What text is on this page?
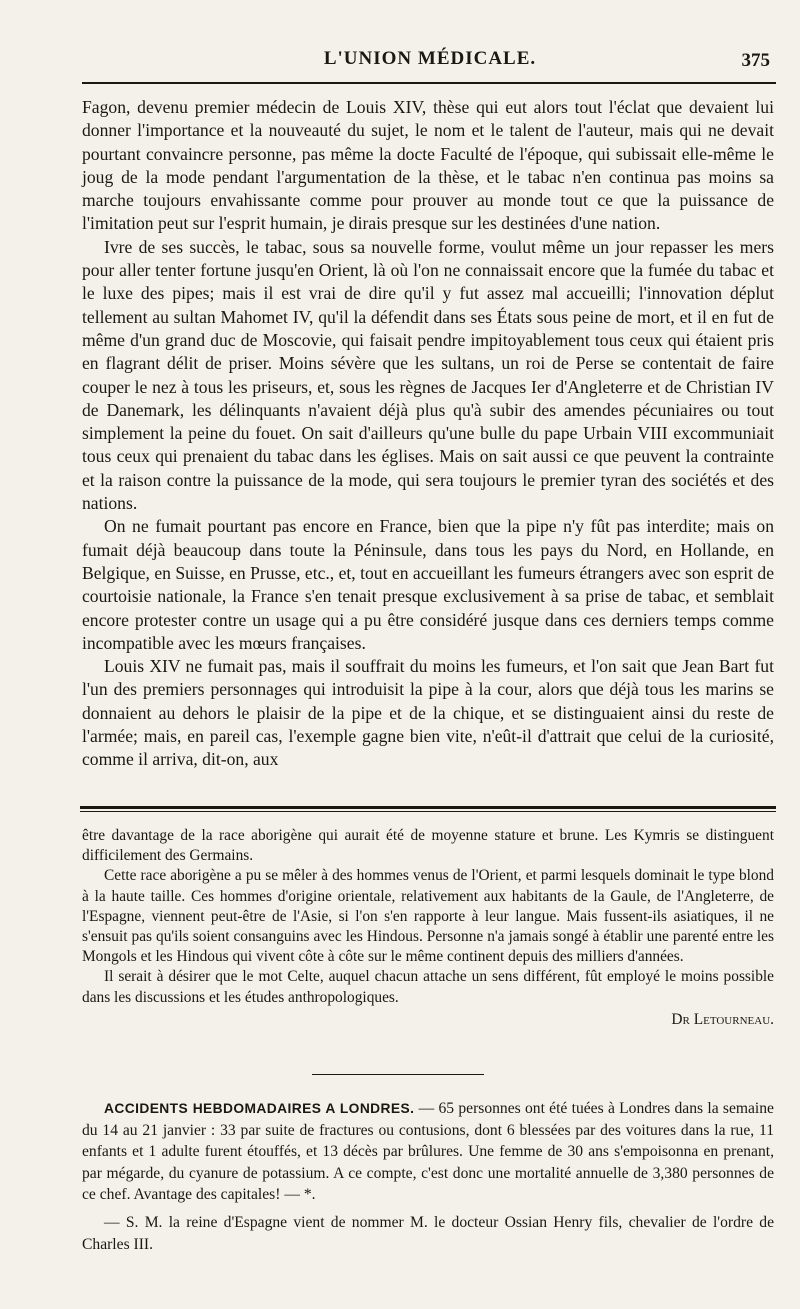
L'UNION MÉDICALE.	375

Fagon, devenu premier médecin de Louis XIV, thèse qui eut alors tout l'éclat que devaient lui donner l'importance et la nouveauté du sujet, le nom et le talent de l'auteur, mais qui ne devait pourtant convaincre personne, pas même la docte Faculté de l'époque, qui subissait elle-même le joug de la mode pendant l'argumentation de la thèse, et le tabac n'en continua pas moins sa marche toujours envahissante comme pour prouver au monde tout ce que la puissance de l'imitation peut sur l'esprit humain, je dirais presque sur les destinées d'une nation.

Ivre de ses succès, le tabac, sous sa nouvelle forme, voulut même un jour repasser les mers pour aller tenter fortune jusqu'en Orient, là où l'on ne connaissait encore que la fumée du tabac et le luxe des pipes; mais il est vrai de dire qu'il y fut assez mal accueilli; l'innovation déplut tellement au sultan Mahomet IV, qu'il la défendit dans ses États sous peine de mort, et il en fut de même d'un grand duc de Moscovie, qui faisait pendre impitoyablement tous ceux qui étaient pris en flagrant délit de priser. Moins sévère que les sultans, un roi de Perse se contentait de faire couper le nez à tous les priseurs, et, sous les règnes de Jacques Ier d'Angleterre et de Christian IV de Danemark, les délinquants n'avaient déjà plus qu'à subir des amendes pécuniaires ou tout simplement la peine du fouet. On sait d'ailleurs qu'une bulle du pape Urbain VIII excommuniait tous ceux qui prenaient du tabac dans les églises. Mais on sait aussi ce que peuvent la contrainte et la raison contre la puissance de la mode, qui sera toujours le premier tyran des sociétés et des nations.

On ne fumait pourtant pas encore en France, bien que la pipe n'y fût pas interdite; mais on fumait déjà beaucoup dans toute la Péninsule, dans tous les pays du Nord, en Hollande, en Belgique, en Suisse, en Prusse, etc., et, tout en accueillant les fumeurs étrangers avec son esprit de courtoisie nationale, la France s'en tenait presque exclusivement à sa prise de tabac, et semblait encore protester contre un usage qui a pu être considéré jusque dans ces derniers temps comme incompatible avec les mœurs françaises.

Louis XIV ne fumait pas, mais il souffrait du moins les fumeurs, et l'on sait que Jean Bart fut l'un des premiers personnages qui introduisit la pipe à la cour, alors que déjà tous les marins se donnaient au dehors le plaisir de la pipe et de la chique, et se distinguaient ainsi du reste de l'armée; mais, en pareil cas, l'exemple gagne bien vite, n'eût-il d'attrait que celui de la curiosité, comme il arriva, dit-on, aux

être davantage de la race aborigène qui aurait été de moyenne stature et brune. Les Kymris se distinguent difficilement des Germains.

Cette race aborigène a pu se mêler à des hommes venus de l'Orient, et parmi lesquels dominait le type blond à la haute taille. Ces hommes d'origine orientale, relativement aux habitants de la Gaule, de l'Angleterre, de l'Espagne, viennent peut-être de l'Asie, si l'on s'en rapporte à leur langue. Mais fussent-ils asiatiques, il ne s'ensuit pas qu'ils soient consanguins avec les Hindous. Personne n'a jamais songé à établir une parenté entre les Mongols et les Hindous qui vivent côte à côte sur le même continent depuis des milliers d'années.

Il serait à désirer que le mot Celte, auquel chacun attache un sens différent, fût employé le moins possible dans les discussions et les études anthropologiques.

Dr Letourneau.

ACCIDENTS HEBDOMADAIRES A LONDRES. — 65 personnes ont été tuées à Londres dans la semaine du 14 au 21 janvier : 33 par suite de fractures ou contusions, dont 6 blessées par des voitures dans la rue, 11 enfants et 1 adulte furent étouffés, et 13 décès par brûlures. Une femme de 30 ans s'empoisonna en prenant, par mégarde, du cyanure de potassium. A ce compte, c'est donc une mortalité annuelle de 3,380 personnes de ce chef. Avantage des capitales! — *.

— S. M. la reine d'Espagne vient de nommer M. le docteur Ossian Henry fils, chevalier de l'ordre de Charles III.
